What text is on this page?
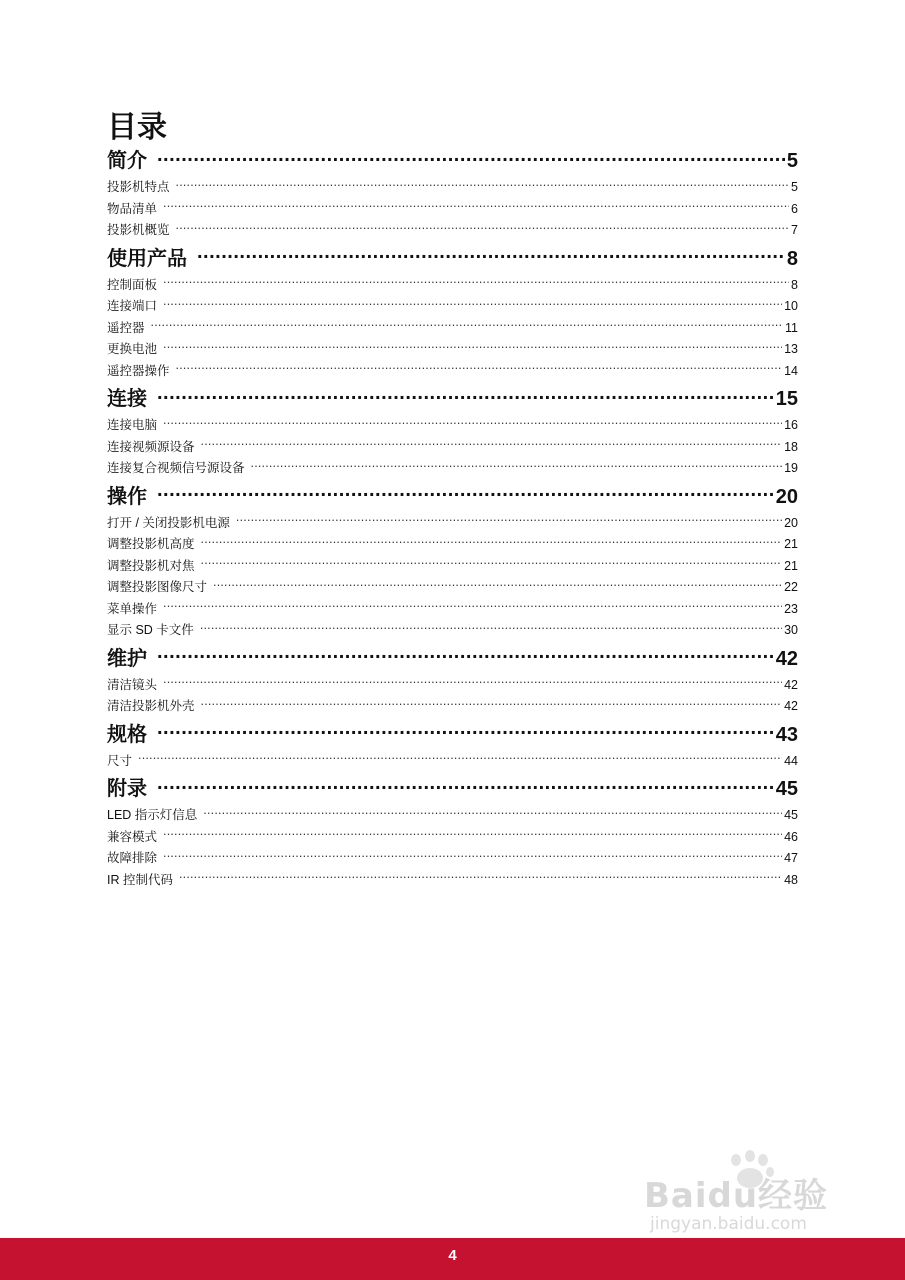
目录
简介 .....	5
投影机特点 .....	5
物品清单 .....	6
投影机概览 .....	7
使用产品 .....	8
控制面板 .....	8
连接端口 .....	10
遥控器 .....	11
更换电池 .....	13
遥控器操作 .....	14
连接 .....	15
连接电脑 .....	16
连接视频源设备 .....	18
连接复合视频信号源设备 .....	19
操作 .....	20
打开 / 关闭投影机电源 .....	20
调整投影机高度 .....	21
调整投影机对焦 .....	21
调整投影图像尺寸 .....	22
菜单操作 .....	23
显示 SD 卡文件 .....	30
维护 .....	42
清洁镜头 .....	42
清洁投影机外壳 .....	42
规格 .....	43
尺寸 .....	44
附录 .....	45
LED 指示灯信息 .....	45
兼容模式 .....	46
故障排除 .....	47
IR 控制代码 .....	48
Baidu经验
jingyan.baidu.com
4
